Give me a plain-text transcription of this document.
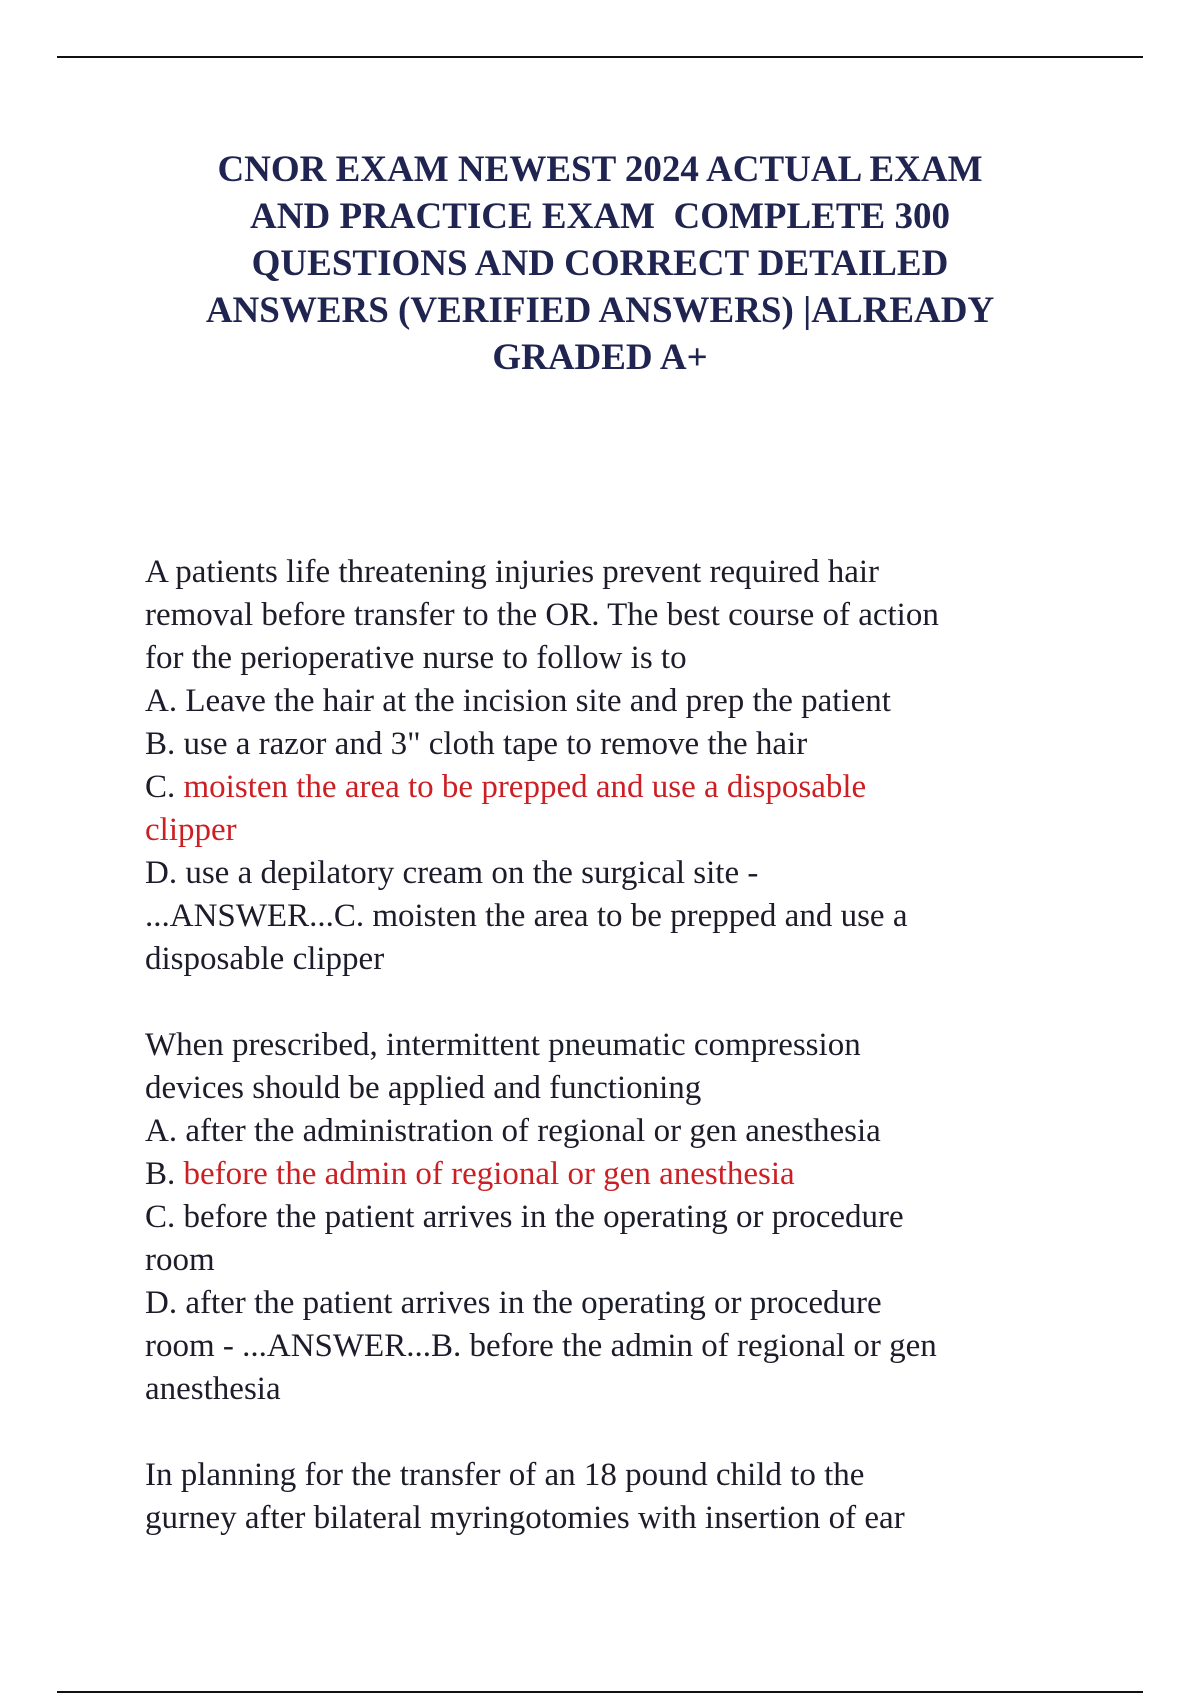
CNOR EXAM NEWEST 2024 ACTUAL EXAM
AND PRACTICE EXAM  COMPLETE 300
QUESTIONS AND CORRECT DETAILED
ANSWERS (VERIFIED ANSWERS) |ALREADY
GRADED A+
A patients life threatening injuries prevent required hair
removal before transfer to the OR. The best course of action
for the perioperative nurse to follow is to
A. Leave the hair at the incision site and prep the patient
B. use a razor and 3" cloth tape to remove the hair
C. moisten the area to be prepped and use a disposable
clipper
D. use a depilatory cream on the surgical site -
...ANSWER...C. moisten the area to be prepped and use a
disposable clipper
When prescribed, intermittent pneumatic compression
devices should be applied and functioning
A. after the administration of regional or gen anesthesia
B. before the admin of regional or gen anesthesia
C. before the patient arrives in the operating or procedure
room
D. after the patient arrives in the operating or procedure
room - ...ANSWER...B. before the admin of regional or gen
anesthesia
In planning for the transfer of an 18 pound child to the
gurney after bilateral myringotomies with insertion of ear
